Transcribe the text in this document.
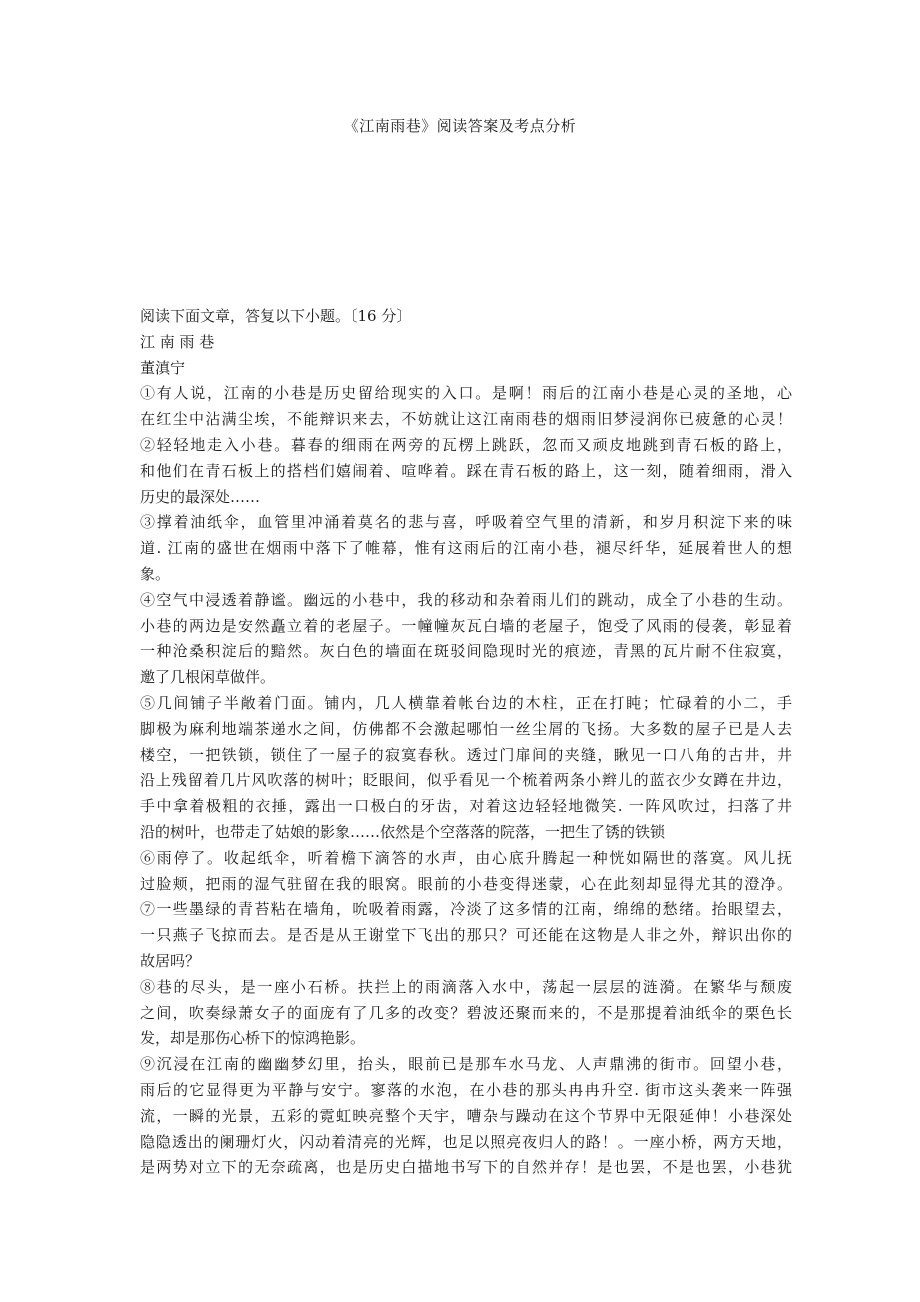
《江南雨巷》阅读答案及考点分析
阅读下面文章，答复以下小题。〔16 分〕
江 南 雨 巷
董滇宁
①有人说，江南的小巷是历史留给现实的入口。是啊！雨后的江南小巷是心灵的圣地，心
在红尘中沾满尘埃，不能辩识来去，不妨就让这江南雨巷的烟雨旧梦浸润你已疲惫的心灵！
②轻轻地走入小巷。暮春的细雨在两旁的瓦楞上跳跃，忽而又顽皮地跳到青石板的路上，
和他们在青石板上的搭档们嬉闹着、喧哗着。踩在青石板的路上，这一刻，随着细雨，滑入
历史的最深处……
③撑着油纸伞，血管里冲涌着莫名的悲与喜，呼吸着空气里的清新，和岁月积淀下来的味
道. 江南的盛世在烟雨中落下了帷幕，惟有这雨后的江南小巷，褪尽纤华，延展着世人的想
象。
④空气中浸透着静谧。幽远的小巷中，我的移动和杂着雨儿们的跳动，成全了小巷的生动。
小巷的两边是安然矗立着的老屋子。一幢幢灰瓦白墙的老屋子，饱受了风雨的侵袭，彰显着
一种沧桑积淀后的黯然。灰白色的墙面在斑驳间隐现时光的痕迹，青黑的瓦片耐不住寂寞，
邀了几根闲草做伴。
⑤几间铺子半敞着门面。铺内，几人横靠着帐台边的木柱，正在打盹；忙碌着的小二，手
脚极为麻利地端茶递水之间，仿佛都不会激起哪怕一丝尘屑的飞扬。大多数的屋子已是人去
楼空，一把铁锁，锁住了一屋子的寂寞春秋。透过门扉间的夹缝，瞅见一口八角的古井，井
沿上残留着几片风吹落的树叶；眨眼间，似乎看见一个梳着两条小辫儿的蓝衣少女蹲在井边，
手中拿着极粗的衣捶，露出一口极白的牙齿，对着这边轻轻地微笑. 一阵风吹过，扫落了井
沿的树叶，也带走了姑娘的影象……依然是个空落落的院落，一把生了锈的铁锁
⑥雨停了。收起纸伞，听着檐下滴答的水声，由心底升腾起一种恍如隔世的落寞。风儿抚
过脸颊，把雨的湿气驻留在我的眼窝。眼前的小巷变得迷蒙，心在此刻却显得尤其的澄净。
⑦一些墨绿的青苔粘在墙角，吮吸着雨露，冷淡了这多情的江南，绵绵的愁绪。抬眼望去，
一只燕子飞掠而去。是否是从王谢堂下飞出的那只？可还能在这物是人非之外，辩识出你的
故居吗？
⑧巷的尽头，是一座小石桥。扶拦上的雨滴落入水中，荡起一层层的涟漪。在繁华与颓废
之间，吹奏绿萧女子的面庞有了几多的改变？碧波还聚而来的，不是那提着油纸伞的栗色长
发，却是那伤心桥下的惊鸿艳影。
⑨沉浸在江南的幽幽梦幻里，抬头，眼前已是那车水马龙、人声鼎沸的街市。回望小巷，
雨后的它显得更为平静与安宁。寥落的水泡，在小巷的那头冉冉升空. 街市这头袭来一阵强
流，一瞬的光景，五彩的霓虹映亮整个天宇，嘈杂与躁动在这个节界中无限延伸！小巷深处
隐隐透出的阑珊灯火，闪动着清亮的光辉，也足以照亮夜归人的路！。一座小桥，两方天地，
是两势对立下的无奈疏离，也是历史白描地书写下的自然并存！是也罢，不是也罢，小巷犹
